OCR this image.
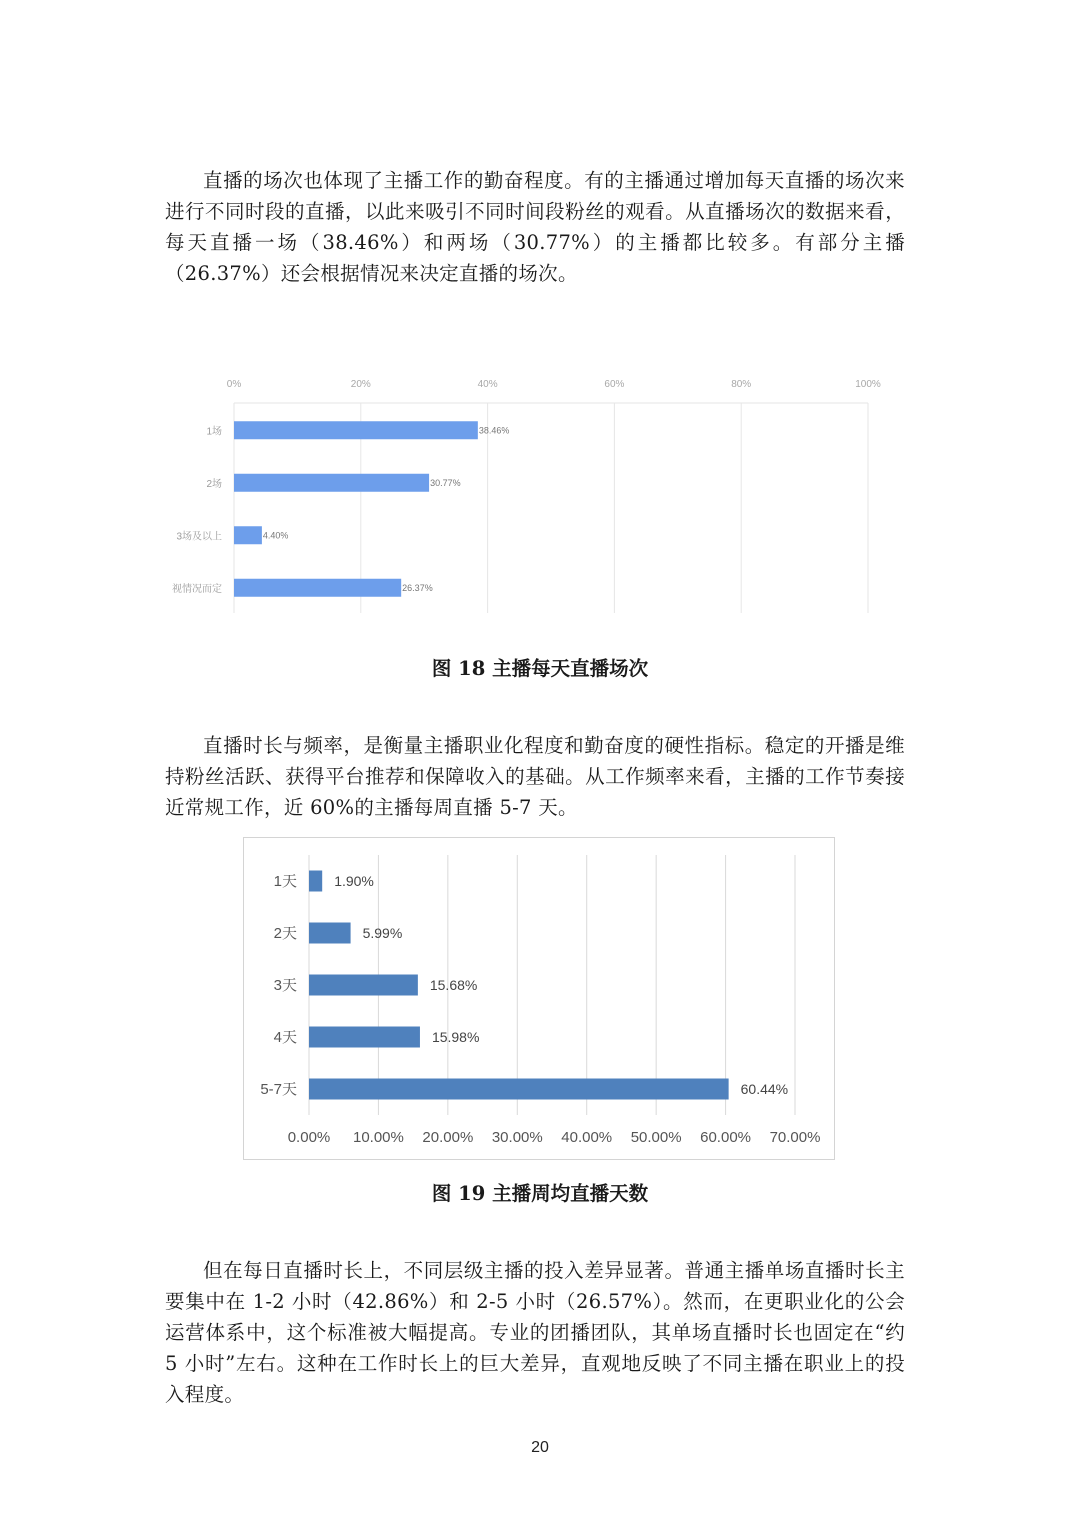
直播的场次也体现了主播工作的勤奋程度。有的主播通过增加每天直播的场次来进行不同时段的直播，以此来吸引不同时间段粉丝的观看。从直播场次的数据来看，每天直播一场（38.46%）和两场（30.77%）的主播都比较多。有部分主播（26.37%）还会根据情况来决定直播的场次。

0%	20%	40%	60%	80%	100%
1场	38.46%
2场	30.77%
3场及以上	4.40%
视情况而定	26.37%

图 18 主播每天直播场次

直播时长与频率，是衡量主播职业化程度和勤奋度的硬性指标。稳定的开播是维持粉丝活跃、获得平台推荐和保障收入的基础。从工作频率来看，主播的工作节奏接近常规工作，近 60%的主播每周直播 5-7 天。

0.00% 10.00% 20.00% 30.00% 40.00% 50.00% 60.00% 70.00%
1天	1.90%
2天	5.99%
3天	15.68%
4天	15.98%
5-7天	60.44%

图 19 主播周均直播天数

但在每日直播时长上，不同层级主播的投入差异显著。普通主播单场直播时长主要集中在 1-2 小时（42.86%）和 2-5 小时（26.57%）。然而，在更职业化的公会运营体系中，这个标准被大幅提高。专业的团播团队，其单场直播时长也固定在“约 5 小时”左右。这种在工作时长上的巨大差异，直观地反映了不同主播在职业上的投入程度。

20
